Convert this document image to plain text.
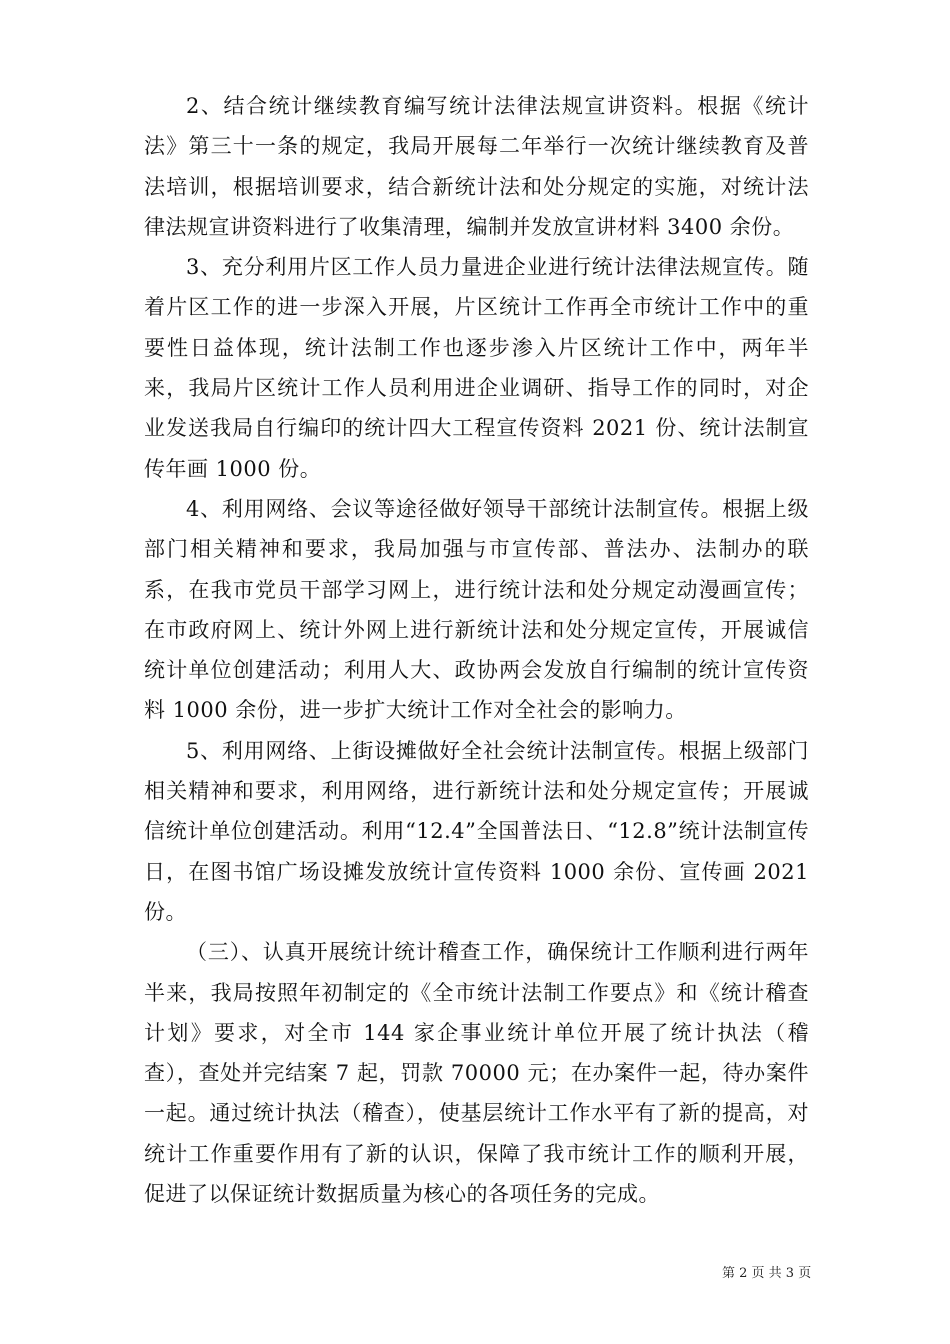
2、结合统计继续教育编写统计法律法规宣讲资料。根据《统计法》第三十一条的规定，我局开展每二年举行一次统计继续教育及普法培训，根据培训要求，结合新统计法和处分规定的实施，对统计法律法规宣讲资料进行了收集清理，编制并发放宣讲材料 3400 余份。

3、充分利用片区工作人员力量进企业进行统计法律法规宣传。随着片区工作的进一步深入开展，片区统计工作再全市统计工作中的重要性日益体现，统计法制工作也逐步渗入片区统计工作中，两年半来，我局片区统计工作人员利用进企业调研、指导工作的同时，对企业发送我局自行编印的统计四大工程宣传资料 2021 份、统计法制宣传年画 1000 份。

4、利用网络、会议等途径做好领导干部统计法制宣传。根据上级部门相关精神和要求，我局加强与市宣传部、普法办、法制办的联系，在我市党员干部学习网上，进行统计法和处分规定动漫画宣传；在市政府网上、统计外网上进行新统计法和处分规定宣传，开展诚信统计单位创建活动；利用人大、政协两会发放自行编制的统计宣传资料 1000 余份，进一步扩大统计工作对全社会的影响力。

5、利用网络、上街设摊做好全社会统计法制宣传。根据上级部门相关精神和要求，利用网络，进行新统计法和处分规定宣传；开展诚信统计单位创建活动。利用“12.4”全国普法日、“12.8”统计法制宣传日，在图书馆广场设摊发放统计宣传资料 1000 余份、宣传画 2021 份。

（三）、认真开展统计统计稽查工作，确保统计工作顺利进行两年半来，我局按照年初制定的《全市统计法制工作要点》和《统计稽查计划》要求，对全市 144 家企事业统计单位开展了统计执法（稽查），查处并完结案 7 起，罚款 70000 元；在办案件一起，待办案件一起。通过统计执法（稽查），使基层统计工作水平有了新的提高，对统计工作重要作用有了新的认识，保障了我市统计工作的顺利开展，促进了以保证统计数据质量为核心的各项任务的完成。

第 2 页 共 3 页
